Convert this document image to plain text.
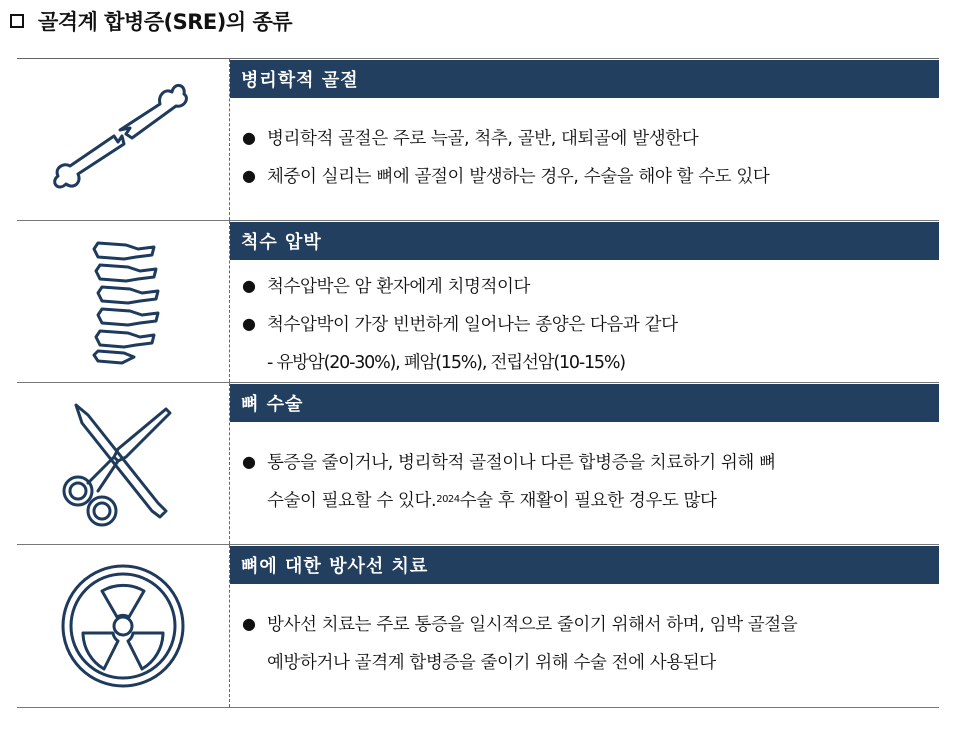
골격계 합병증(SRE)의 종류
병리학적 골절
● 병리학적 골절은 주로 늑골, 척추, 골반, 대퇴골에 발생한다
● 체중이 실리는 뼈에 골절이 발생하는 경우, 수술을 해야 할 수도 있다
척수 압박
● 척수압박은 암 환자에게 치명적이다
● 척수압박이 가장 빈번하게 일어나는 종양은 다음과 같다
- 유방암(20-30%), 폐암(15%), 전립선암(10-15%)
뼈 수술
● 통증을 줄이거나, 병리학적 골절이나 다른 합병증을 치료하기 위해 뼈
수술이 필요할 수 있다. 2024 수술 후 재활이 필요한 경우도 많다
뼈에 대한 방사선 치료
● 방사선 치료는 주로 통증을 일시적으로 줄이기 위해서 하며, 임박 골절을
예방하거나 골격계 합병증을 줄이기 위해 수술 전에 사용된다
